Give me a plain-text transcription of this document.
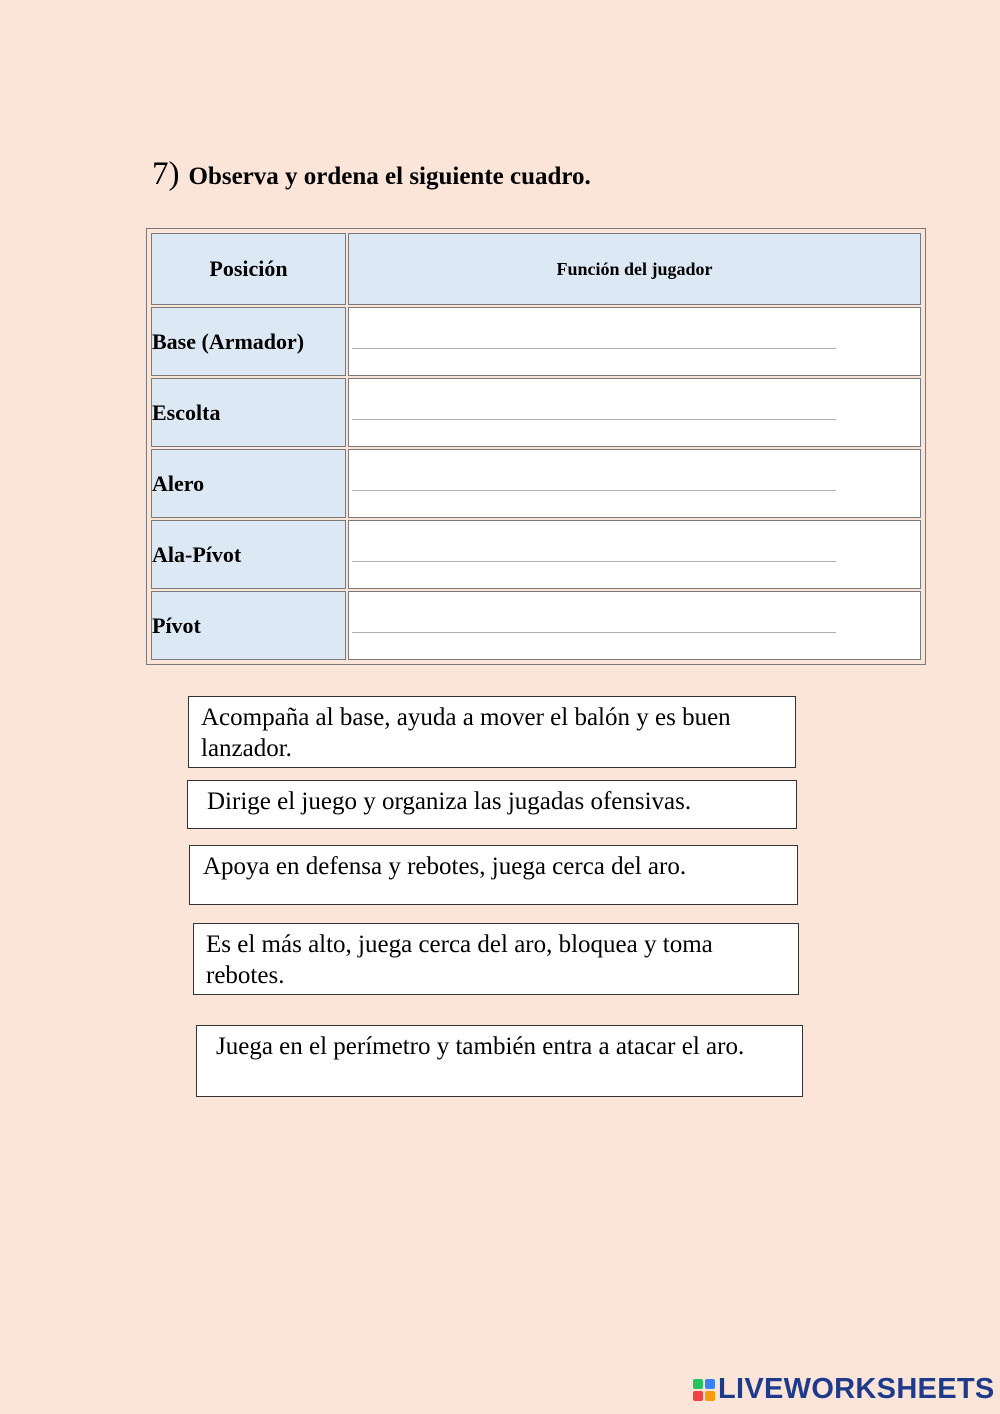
7) Observa y ordena el siguiente cuadro.
Posición	Función del jugador
Base (Armador)	

Escolta	

Alero	

Ala-Pívot	

Pívot	
Acompaña al base, ayuda a mover el balón y es buen lanzador.
Dirige el juego y organiza las jugadas ofensivas.
Apoya en defensa y rebotes, juega cerca del aro.
Es el más alto, juega cerca del aro, bloquea y toma rebotes.
Juega en el perímetro y también entra a atacar el aro.
LIVEWORKSHEETS
